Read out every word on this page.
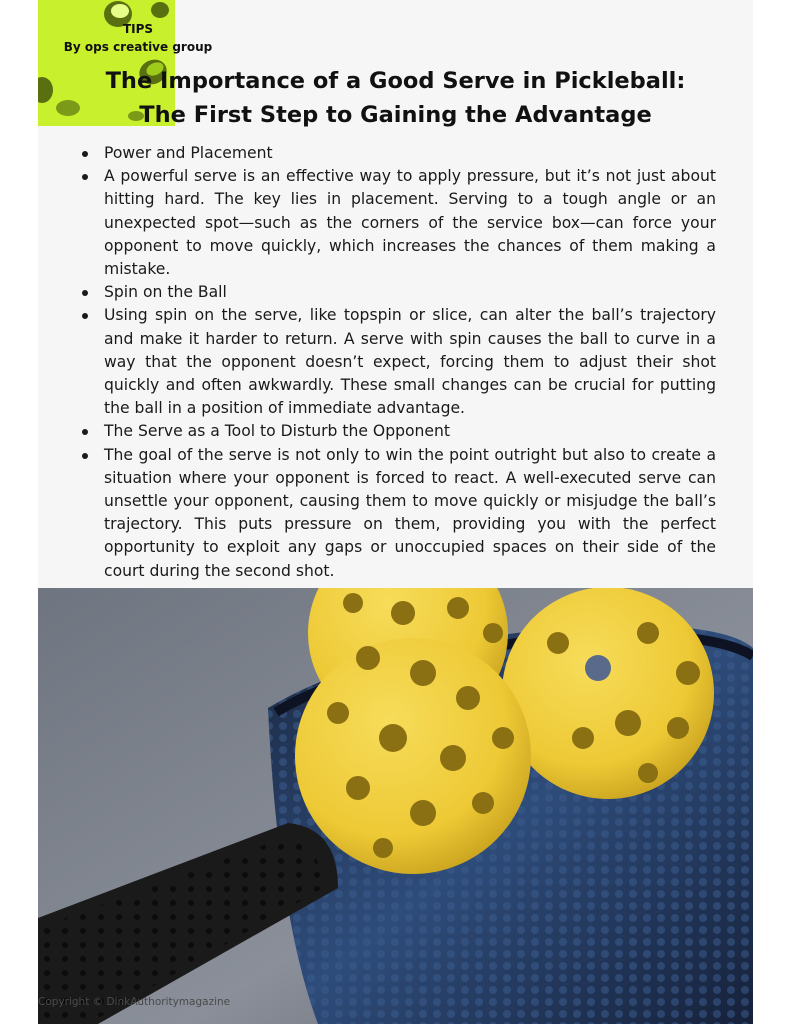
TIPS
By ops creative group
The Importance of a Good Serve in Pickleball:
The First Step to Gaining the Advantage
Power and Placement
A powerful serve is an effective way to apply pressure, but it’s not just about hitting hard. The key lies in placement. Serving to a tough angle or an unexpected spot—such as the corners of the service box—can force your opponent to move quickly, which increases the chances of them making a mistake.
Spin on the Ball
Using spin on the serve, like topspin or slice, can alter the ball’s trajectory and make it harder to return. A serve with spin causes the ball to curve in a way that the opponent doesn’t expect, forcing them to adjust their shot quickly and often awkwardly. These small changes can be crucial for putting the ball in a position of immediate advantage.
The Serve as a Tool to Disturb the Opponent
The goal of the serve is not only to win the point outright but also to create a situation where your opponent is forced to react. A well-executed serve can unsettle your opponent, causing them to move quickly or misjudge the ball’s trajectory. This puts pressure on them, providing you with the perfect opportunity to exploit any gaps or unoccupied spaces on their side of the court during the second shot.
Copyright © DinkAuthoritymagazine
